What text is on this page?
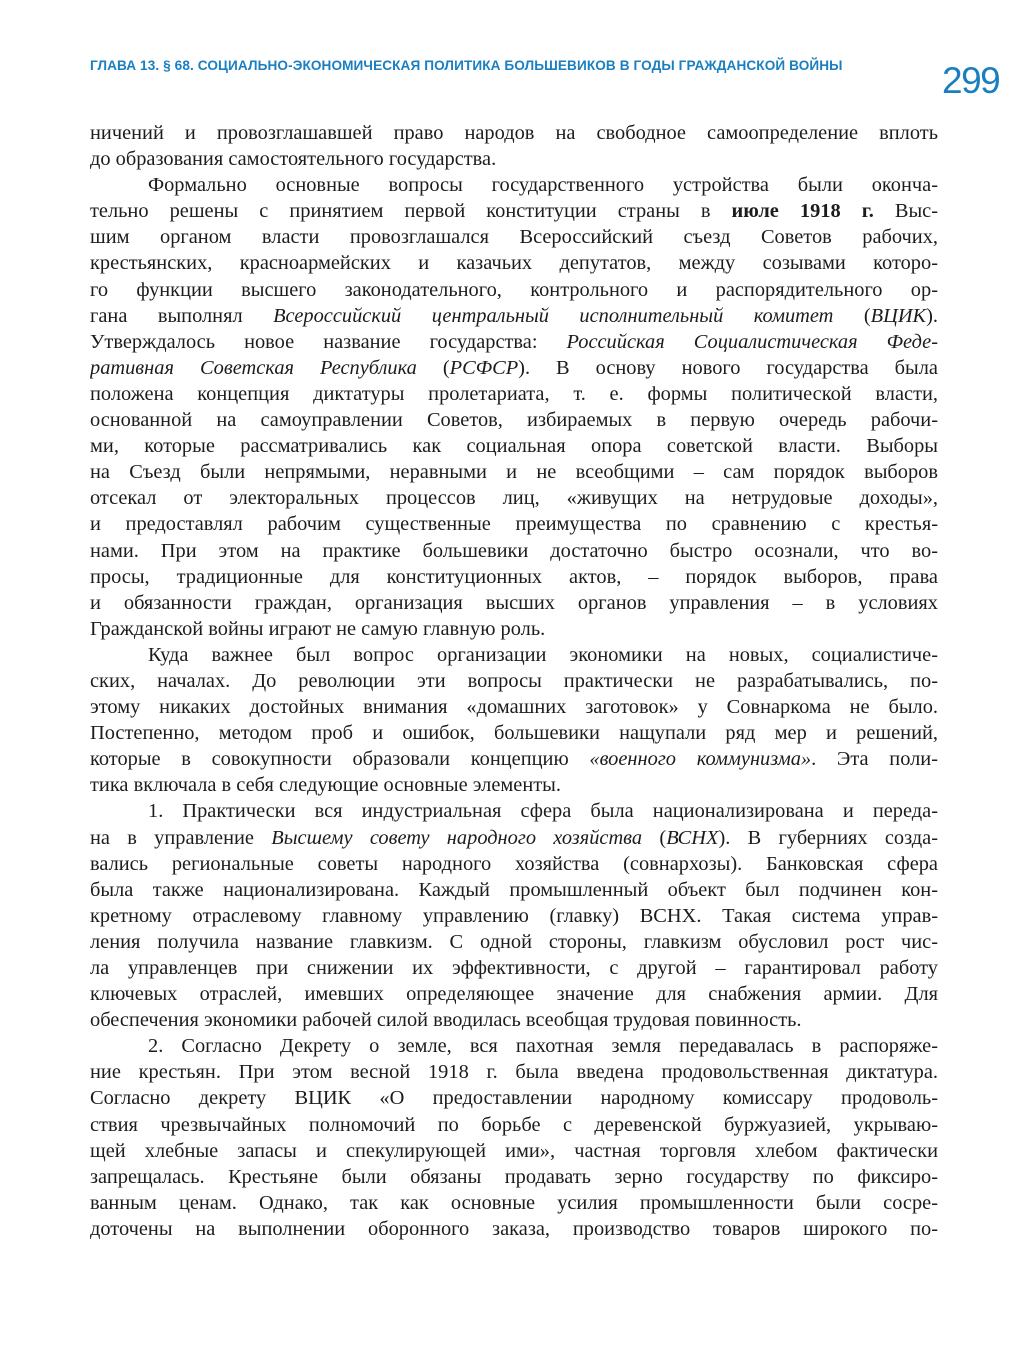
ГЛАВА 13. § 68. СОЦИАЛЬНО-ЭКОНОМИЧЕСКАЯ ПОЛИТИКА БОЛЬШЕВИКОВ В ГОДЫ ГРАЖДАНСКОЙ ВОЙНЫ	299
ничений и провозглашавшей право народов на свободное самоопределение вплоть
до образования самостоятельного государства.
Формально основные вопросы государственного устройства были оконча-
тельно решены с принятием первой конституции страны в июле 1918 г. Выс-
шим органом власти провозглашался Всероссийский съезд Советов рабочих,
крестьянских, красноармейских и казачьих депутатов, между созывами которо-
го функции высшего законодательного, контрольного и распорядительного ор-
гана выполнял Всероссийский центральный исполнительный комитет (ВЦИК).
Утверждалось новое название государства: Российская Социалистическая Феде-
ративная Советская Республика (РСФСР). В основу нового государства была
положена концепция диктатуры пролетариата, т. е. формы политической власти,
основанной на самоуправлении Советов, избираемых в первую очередь рабочи-
ми, которые рассматривались как социальная опора советской власти. Выборы
на Съезд были непрямыми, неравными и не всеобщими – сам порядок выборов
отсекал от электоральных процессов лиц, «живущих на нетрудовые доходы»,
и предоставлял рабочим существенные преимущества по сравнению с крестья-
нами. При этом на практике большевики достаточно быстро осознали, что во-
просы, традиционные для конституционных актов, – порядок выборов, права
и обязанности граждан, организация высших органов управления – в условиях
Гражданской войны играют не самую главную роль.
Куда важнее был вопрос организации экономики на новых, социалистиче-
ских, началах. До революции эти вопросы практически не разрабатывались, по-
этому никаких достойных внимания «домашних заготовок» у Совнаркома не было.
Постепенно, методом проб и ошибок, большевики нащупали ряд мер и решений,
которые в совокупности образовали концепцию «военного коммунизма». Эта поли-
тика включала в себя следующие основные элементы.
1. Практически вся индустриальная сфера была национализирована и переда-
на в управление Высшему совету народного хозяйства (ВСНХ). В губерниях созда-
вались региональные советы народного хозяйства (совнархозы). Банковская сфера
была также национализирована. Каждый промышленный объект был подчинен кон-
кретному отраслевому главному управлению (главку) ВСНХ. Такая система управ-
ления получила название главкизм. С одной стороны, главкизм обусловил рост чис-
ла управленцев при снижении их эффективности, с другой – гарантировал работу
ключевых отраслей, имевших определяющее значение для снабжения армии. Для
обеспечения экономики рабочей силой вводилась всеобщая трудовая повинность.
2. Согласно Декрету о земле, вся пахотная земля передавалась в распоряже-
ние крестьян. При этом весной 1918 г. была введена продовольственная диктатура.
Согласно декрету ВЦИК «О предоставлении народному комиссару продоволь-
ствия чрезвычайных полномочий по борьбе с деревенской буржуазией, укрываю-
щей хлебные запасы и спекулирующей ими», частная торговля хлебом фактически
запрещалась. Крестьяне были обязаны продавать зерно государству по фиксиро-
ванным ценам. Однако, так как основные усилия промышленности были сосре-
доточены на выполнении оборонного заказа, производство товаров широкого по-
